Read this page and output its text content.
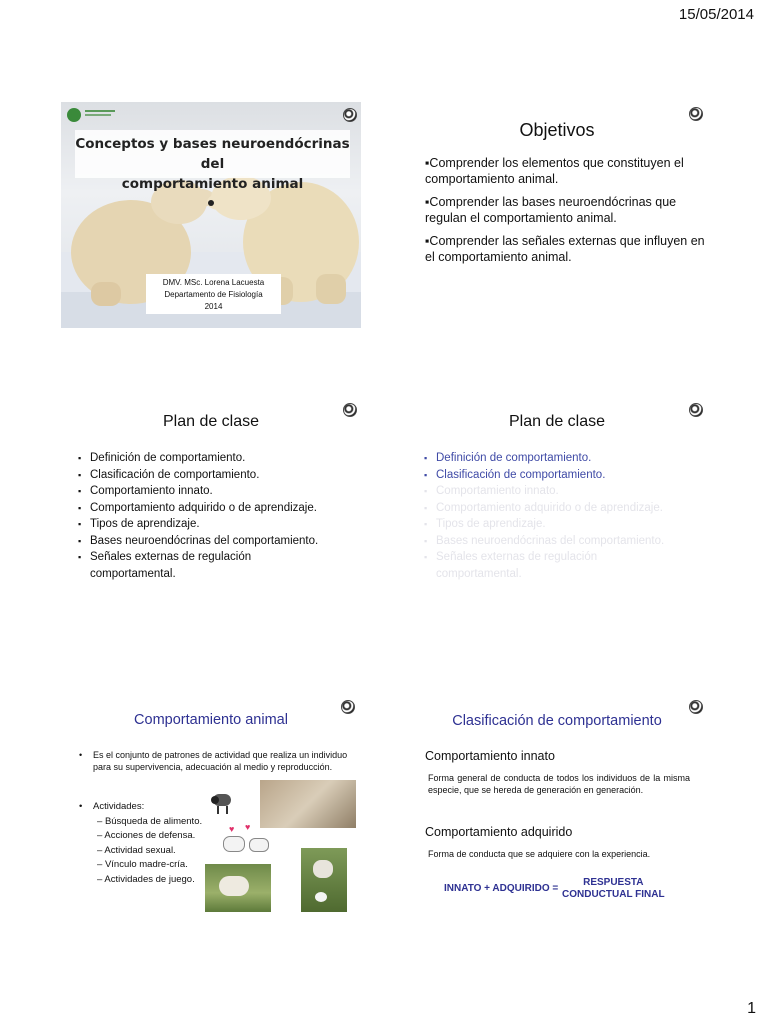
15/05/2014
Conceptos y bases neuroendócrinas del
comportamiento animal
DMV. MSc. Lorena Lacuesta
Departamento de Fisiología
2014
Objetivos

▪Comprender los elementos que constituyen el comportamiento animal.

▪Comprender las bases neuroendócrinas que regulan el comportamiento animal.

▪Comprender las señales externas que influyen en el comportamiento animal.

Plan de clase
▪ Definición de comportamiento.
▪ Clasificación de comportamiento.
▪ Comportamiento innato.
▪ Comportamiento adquirido o de aprendizaje.
▪ Tipos de aprendizaje.
▪ Bases neuroendócrinas del comportamiento.
▪ Señales externas de regulación comportamental.
Plan de clase
▪ Definición de comportamiento.
▪ Clasificación de comportamiento.
▪ Comportamiento innato.
▪ Comportamiento adquirido o de aprendizaje.
▪ Tipos de aprendizaje.
▪ Bases neuroendócrinas del comportamiento.
▪ Señales externas de regulación comportamental.
Comportamiento animal
• Es el conjunto de patrones de actividad que realiza un individuo para su supervivencia, adecuación al medio y reproducción.
• Actividades:
– Búsqueda de alimento.
– Acciones de defensa.
– Actividad sexual.
– Vínculo madre-cría.
– Actividades de juego.
♥ ♥
Clasificación de comportamiento
Comportamiento innato
Forma general de conducta de todos los individuos de la misma especie, que se hereda de generación en generación.
Comportamiento adquirido
Forma de conducta que se adquiere con la experiencia.
INNATO + ADQUIRIDO =
RESPUESTA
CONDUCTUAL FINAL
1
